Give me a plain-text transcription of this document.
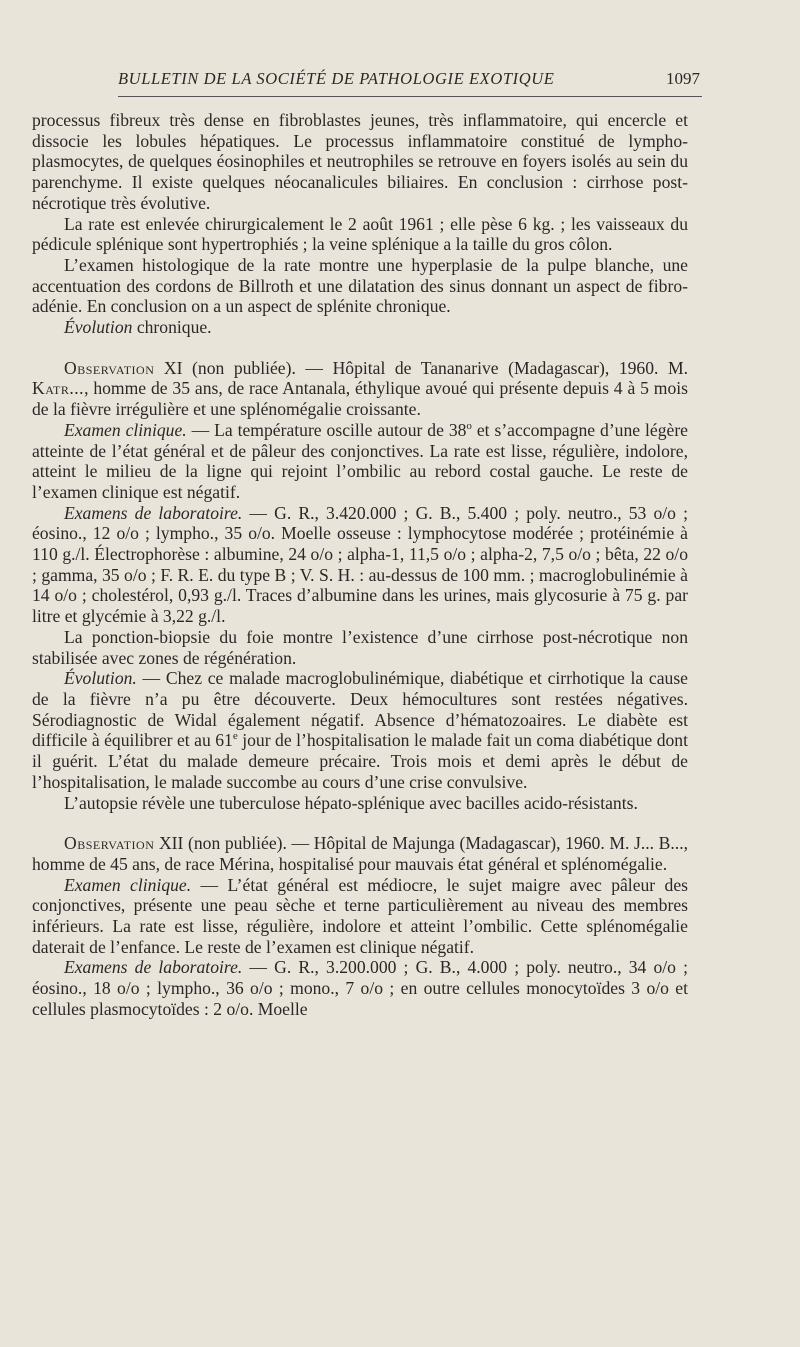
BULLETIN DE LA SOCIÉTÉ DE PATHOLOGIE EXOTIQUE	1097

processus fibreux très dense en fibroblastes jeunes, très inflammatoire, qui encercle et dissocie les lobules hépatiques. Le processus inflammatoire constitué de lympho-plasmocytes, de quelques éosinophiles et neutrophiles se retrouve en foyers isolés au sein du parenchyme. Il existe quelques néocanalicules biliaires. En conclusion : cirrhose post-nécrotique très évolutive.

La rate est enlevée chirurgicalement le 2 août 1961 ; elle pèse 6 kg. ; les vaisseaux du pédicule splénique sont hypertrophiés ; la veine splénique a la taille du gros côlon.

L’examen histologique de la rate montre une hyperplasie de la pulpe blanche, une accentuation des cordons de Billroth et une dilatation des sinus donnant un aspect de fibro-adénie. En conclusion on a un aspect de splénite chronique.

Évolution chronique.

Observation XI (non publiée). — Hôpital de Tananarive (Madagascar), 1960. M. Katr..., homme de 35 ans, de race Antanala, éthylique avoué qui présente depuis 4 à 5 mois de la fièvre irrégulière et une splénomégalie croissante.

Examen clinique. — La température oscille autour de 38$^o$ et s’accompagne d’une légère atteinte de l’état général et de pâleur des conjonctives. La rate est lisse, régulière, indolore, atteint le milieu de la ligne qui rejoint l’ombilic au rebord costal gauche. Le reste de l’examen clinique est négatif.

Examens de laboratoire. — G. R., 3.420.000 ; G. B., 5.400 ; poly. neutro., 53 o/o ; éosino., 12 o/o ; lympho., 35 o/o. Moelle osseuse : lymphocytose modérée ; protéinémie à 110 g./l. Électrophorèse : albumine, 24 o/o ; alpha-1, 11,5 o/o ; alpha-2, 7,5 o/o ; bêta, 22 o/o ; gamma, 35 o/o ; F. R. E. du type B ; V. S. H. : au-dessus de 100 mm. ; macroglobulinémie à 14 o/o ; cholestérol, 0,93 g./l. Traces d’albumine dans les urines, mais glycosurie à 75 g. par litre et glycémie à 3,22 g./l.

La ponction-biopsie du foie montre l’existence d’une cirrhose post-nécrotique non stabilisée avec zones de régénération.

Évolution. — Chez ce malade macroglobulinémique, diabétique et cirrhotique la cause de la fièvre n’a pu être découverte. Deux hémocultures sont restées négatives. Sérodiagnostic de Widal également négatif. Absence d’hématozoaires. Le diabète est difficile à équilibrer et au 61e jour de l’hospitalisation le malade fait un coma diabétique dont il guérit. L’état du malade demeure précaire. Trois mois et demi après le début de l’hospitalisation, le malade succombe au cours d’une crise convulsive.

L’autopsie révèle une tuberculose hépato-splénique avec bacilles acido-résistants.

Observation XII (non publiée). — Hôpital de Majunga (Madagascar), 1960. M. J... B..., homme de 45 ans, de race Mérina, hospitalisé pour mauvais état général et splénomégalie.

Examen clinique. — L’état général est médiocre, le sujet maigre avec pâleur des conjonctives, présente une peau sèche et terne particulièrement au niveau des membres inférieurs. La rate est lisse, régulière, indolore et atteint l’ombilic. Cette splénomégalie daterait de l’enfance. Le reste de l’examen est clinique négatif.

Examens de laboratoire. — G. R., 3.200.000 ; G. B., 4.000 ; poly. neutro., 34 o/o ; éosino., 18 o/o ; lympho., 36 o/o ; mono., 7 o/o ; en outre cellules monocytoïdes 3 o/o et cellules plasmocytoïdes : 2 o/o. Moelle
